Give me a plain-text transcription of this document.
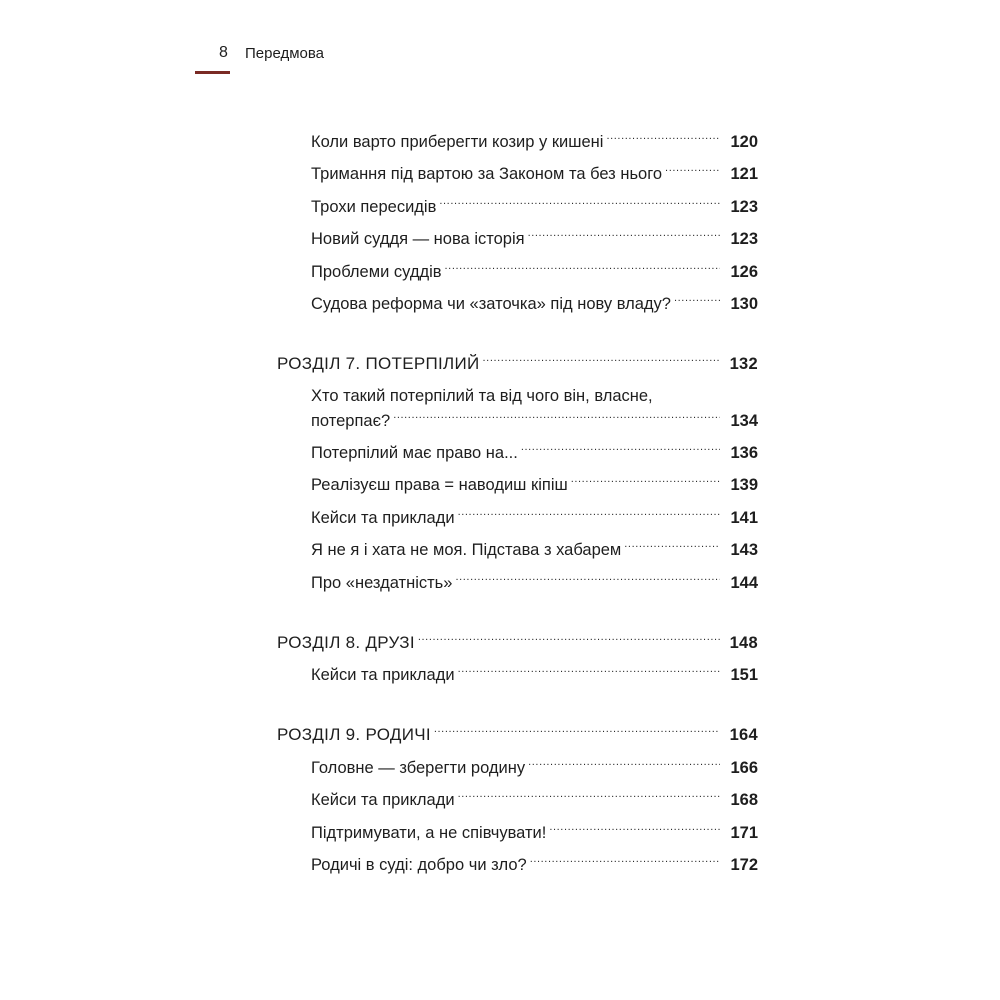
8 Передмова
Коли варто приберегти козир у кишені .....	120
Тримання під вартою за Законом та без нього .....	121
Трохи пересидів .....	123
Новий суддя — нова історія .....	123
Проблеми суддів .....	126
Судова реформа чи «заточка» під нову владу? .....	130
РОЗДІЛ 7. ПОТЕРПІЛИЙ .....	132
Хто такий потерпілий та від чого він, власне,
потерпає? .....	134
Потерпілий має право на... .....	136
Реалізуєш права = наводиш кіпіш .....	139
Кейси та приклади .....	141
Я не я і хата не моя. Підстава з хабарем .....	143
Про «нездатність» .....	144
РОЗДІЛ 8. ДРУЗІ .....	148
Кейси та приклади .....	151
РОЗДІЛ 9. РОДИЧІ .....	164
Головне — зберегти родину .....	166
Кейси та приклади .....	168
Підтримувати, а не співчувати! .....	171
Родичі в суді: добро чи зло? .....	172
